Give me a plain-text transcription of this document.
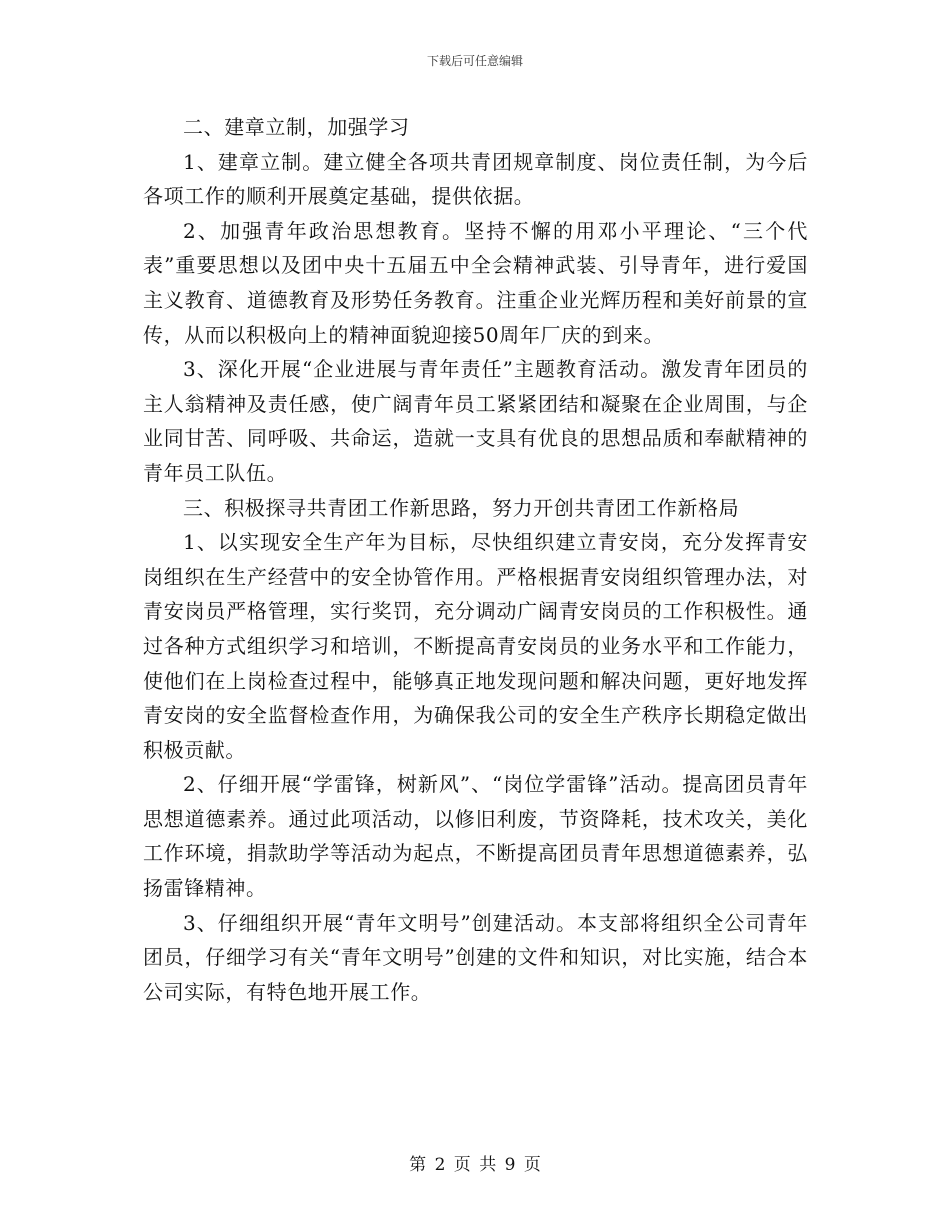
下载后可任意编辑

二、建章立制，加强学习

1、建章立制。建立健全各项共青团规章制度、岗位责任制，为今后各项工作的顺利开展奠定基础，提供依据。

2、加强青年政治思想教育。坚持不懈的用邓小平理论、“三个代表”重要思想以及团中央十五届五中全会精神武装、引导青年，进行爱国主义教育、道德教育及形势任务教育。注重企业光辉历程和美好前景的宣传，从而以积极向上的精神面貌迎接50周年厂庆的到来。

3、深化开展“企业进展与青年责任”主题教育活动。激发青年团员的主人翁精神及责任感，使广阔青年员工紧紧团结和凝聚在企业周围，与企业同甘苦、同呼吸、共命运，造就一支具有优良的思想品质和奉献精神的青年员工队伍。

三、积极探寻共青团工作新思路，努力开创共青团工作新格局

1、以实现安全生产年为目标，尽快组织建立青安岗，充分发挥青安岗组织在生产经营中的安全协管作用。严格根据青安岗组织管理办法，对青安岗员严格管理，实行奖罚，充分调动广阔青安岗员的工作积极性。通过各种方式组织学习和培训，不断提高青安岗员的业务水平和工作能力，使他们在上岗检查过程中，能够真正地发现问题和解决问题，更好地发挥青安岗的安全监督检查作用，为确保我公司的安全生产秩序长期稳定做出积极贡献。

2、仔细开展“学雷锋，树新风”、“岗位学雷锋”活动。提高团员青年思想道德素养。通过此项活动，以修旧利废，节资降耗，技术攻关，美化工作环境，捐款助学等活动为起点，不断提高团员青年思想道德素养，弘扬雷锋精神。

3、仔细组织开展“青年文明号”创建活动。本支部将组织全公司青年团员，仔细学习有关“青年文明号”创建的文件和知识，对比实施，结合本公司实际，有特色地开展工作。

第 2 页 共 9 页
